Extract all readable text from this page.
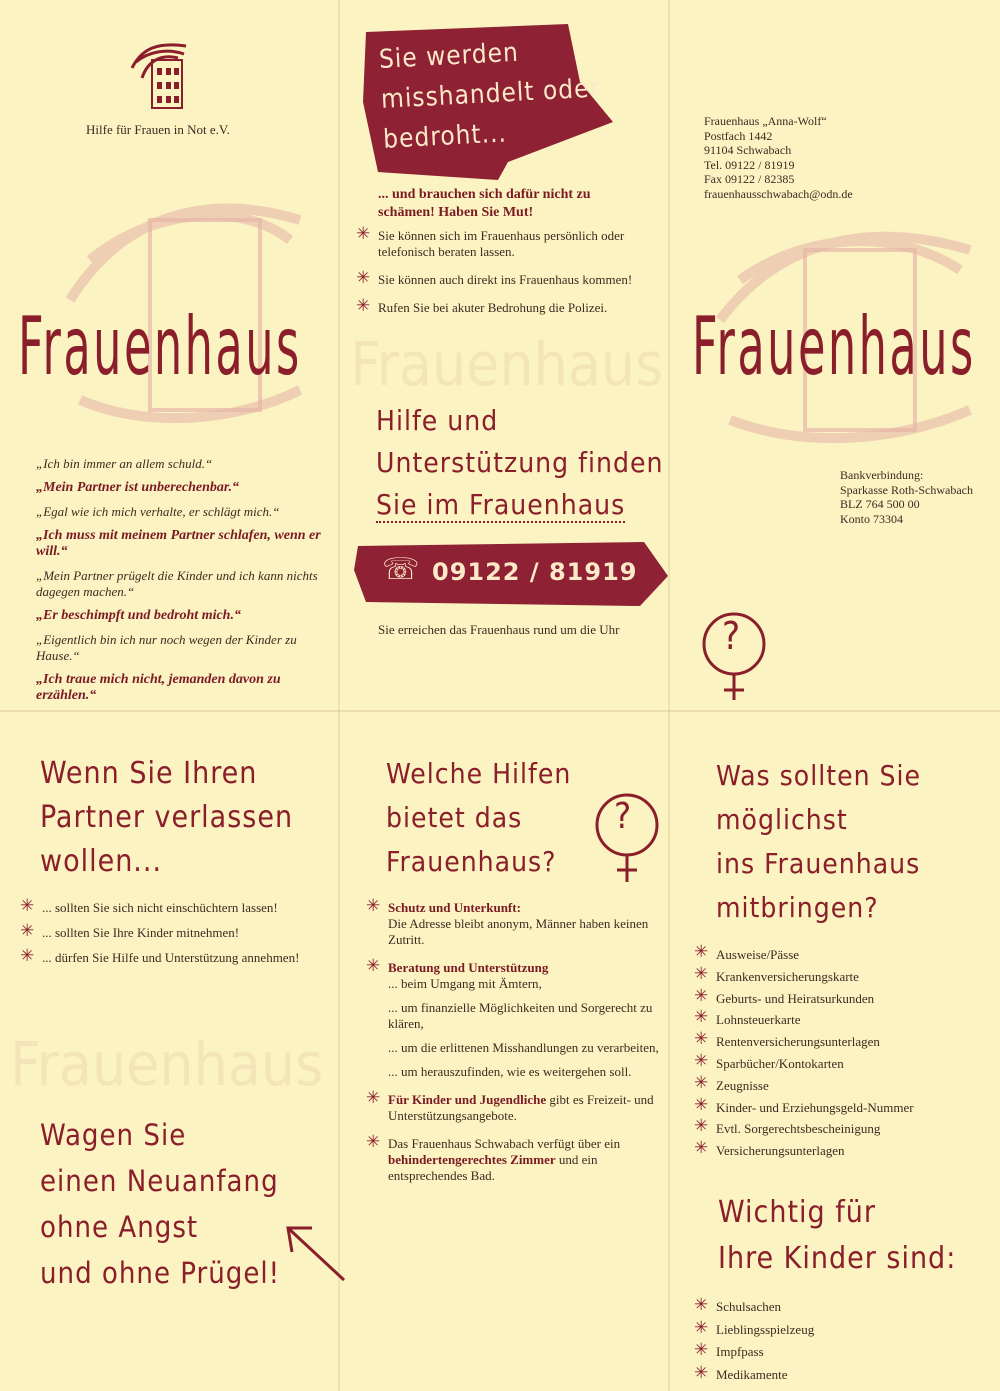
Frauenhaus
Frauenhaus
Hilfe für Frauen in Not e.V.
Frauenhaus
„Ich bin immer an allem schuld.“
„Mein Partner ist unberechenbar.“
„Egal wie ich mich verhalte, er schlägt mich.“
„Ich muss mit meinem Partner schlafen, wenn er will.“
„Mein Partner prügelt die Kinder und ich kann nichts dagegen machen.“
„Er beschimpft und bedroht mich.“
„Eigentlich bin ich nur noch wegen der Kinder zu Hause.“
„Ich traue mich nicht, jemanden davon zu erzählen.“
Sie werden
misshandelt oder
bedroht...
... und brauchen sich dafür nicht zu schämen! Haben Sie Mut!
✳ Sie können sich im Frauenhaus persönlich oder telefonisch beraten lassen.
✳ Sie können auch direkt ins Frauenhaus kommen!
✳ Rufen Sie bei akuter Bedrohung die Polizei.
Hilfe und
Unterstützung finden
Sie im Frauenhaus
☏ 09122 / 81919
Sie erreichen das Frauenhaus rund um die Uhr
Frauenhaus „Anna-Wolf“
Postfach 1442
91104 Schwabach
Tel. 09122 / 81919
Fax 09122 / 82385
frauenhausschwabach@odn.de
Frauenhaus
Bankverbindung:
Sparkasse Roth-Schwabach
BLZ 764 500 00
Konto 73304
?
Wenn Sie Ihren
Partner verlassen
wollen...
✳ ... sollten Sie sich nicht einschüchtern lassen!
✳ ... sollten Sie Ihre Kinder mitnehmen!
✳ ... dürfen Sie Hilfe und Unterstützung annehmen!
Wagen Sie
einen Neuanfang
ohne Angst
und ohne Prügel!
Welche Hilfen
bietet das
Frauenhaus?
?
✳ Schutz und Unterkunft:
Die Adresse bleibt anonym, Männer haben keinen Zutritt.
✳ Beratung und Unterstützung
... beim Umgang mit Ämtern,
... um finanzielle Möglichkeiten und Sorgerecht zu klären,
... um die erlittenen Misshandlungen zu verarbeiten,
... um herauszufinden, wie es weitergehen soll.
✳ Für Kinder und Jugendliche gibt es Freizeit- und Unterstützungsangebote.
✳ Das Frauenhaus Schwabach verfügt über ein behindertengerechtes Zimmer und ein entsprechendes Bad.
Was sollten Sie
möglichst
ins Frauenhaus
mitbringen?
✳ Ausweise/Pässe
✳ Krankenversicherungskarte
✳ Geburts- und Heiratsurkunden
✳ Lohnsteuerkarte
✳ Rentenversicherungsunterlagen
✳ Sparbücher/Kontokarten
✳ Zeugnisse
✳ Kinder- und Erziehungsgeld-Nummer
✳ Evtl. Sorgerechtsbescheinigung
✳ Versicherungsunterlagen
Wichtig für
Ihre Kinder sind:
✳ Schulsachen
✳ Lieblingsspielzeug
✳ Impfpass
✳ Medikamente
